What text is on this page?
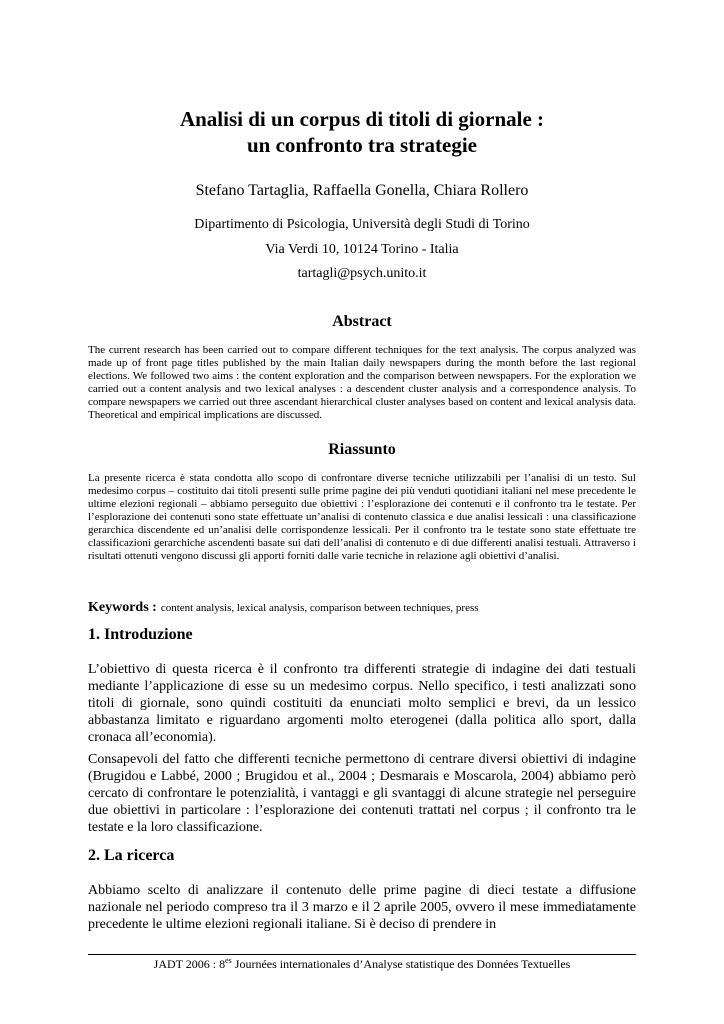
Analisi di un corpus di titoli di giornale :
un confronto tra strategie
Stefano Tartaglia, Raffaella Gonella, Chiara Rollero
Dipartimento di Psicologia, Università degli Studi di Torino
Via Verdi 10, 10124 Torino - Italia
tartagli@psych.unito.it
Abstract
The current research has been carried out to compare different techniques for the text analysis. The corpus analyzed was made up of front page titles published by the main Italian daily newspapers during the month before the last regional elections. We followed two aims : the content exploration and the comparison between newspapers. For the exploration we carried out a content analysis and two lexical analyses : a descendent cluster analysis and a correspondence analysis. To compare newspapers we carried out three ascendant hierarchical cluster analyses based on content and lexical analysis data. Theoretical and empirical implications are discussed.
Riassunto
La presente ricerca è stata condotta allo scopo di confrontare diverse tecniche utilizzabili per l’analisi di un testo. Sul medesimo corpus – costituito dai titoli presenti sulle prime pagine dei più venduti quotidiani italiani nel mese precedente le ultime elezioni regionali – abbiamo perseguito due obiettivi : l’esplorazione dei contenuti e il confronto tra le testate. Per l’esplorazione dei contenuti sono state effettuate un’analisi di contenuto classica e due analisi lessicali : una classificazione gerarchica discendente ed un’analisi delle corrispondenze lessicali. Per il confronto tra le testate sono state effettuate tre classificazioni gerarchiche ascendenti basate sui dati dell’analisi di contenuto e di due differenti analisi testuali. Attraverso i risultati ottenuti vengono discussi gli apporti forniti dalle varie tecniche in relazione agli obiettivi d’analisi.
Keywords : content analysis, lexical analysis, comparison between techniques, press
1. Introduzione
L’obiettivo di questa ricerca è il confronto tra differenti strategie di indagine dei dati testuali mediante l’applicazione di esse su un medesimo corpus. Nello specifico, i testi analizzati sono titoli di giornale, sono quindi costituiti da enunciati molto semplici e brevi, da un lessico abbastanza limitato e riguardano argomenti molto eterogenei (dalla politica allo sport, dalla cronaca all’economia).
Consapevoli del fatto che differenti tecniche permettono di centrare diversi obiettivi di indagine (Brugidou e Labbé, 2000 ; Brugidou et al., 2004 ; Desmarais e Moscarola, 2004) abbiamo però cercato di confrontare le potenzialità, i vantaggi e gli svantaggi di alcune strategie nel perseguire due obiettivi in particolare : l’esplorazione dei contenuti trattati nel corpus ; il confronto tra le testate e la loro classificazione.
2. La ricerca
Abbiamo scelto di analizzare il contenuto delle prime pagine di dieci testate a diffusione nazionale nel periodo compreso tra il 3 marzo e il 2 aprile 2005, ovvero il mese immediatamente precedente le ultime elezioni regionali italiane. Si è deciso di prendere in
JADT 2006 : $8^{es}$ Journées internationales d’Analyse statistique des Données Textuelles
